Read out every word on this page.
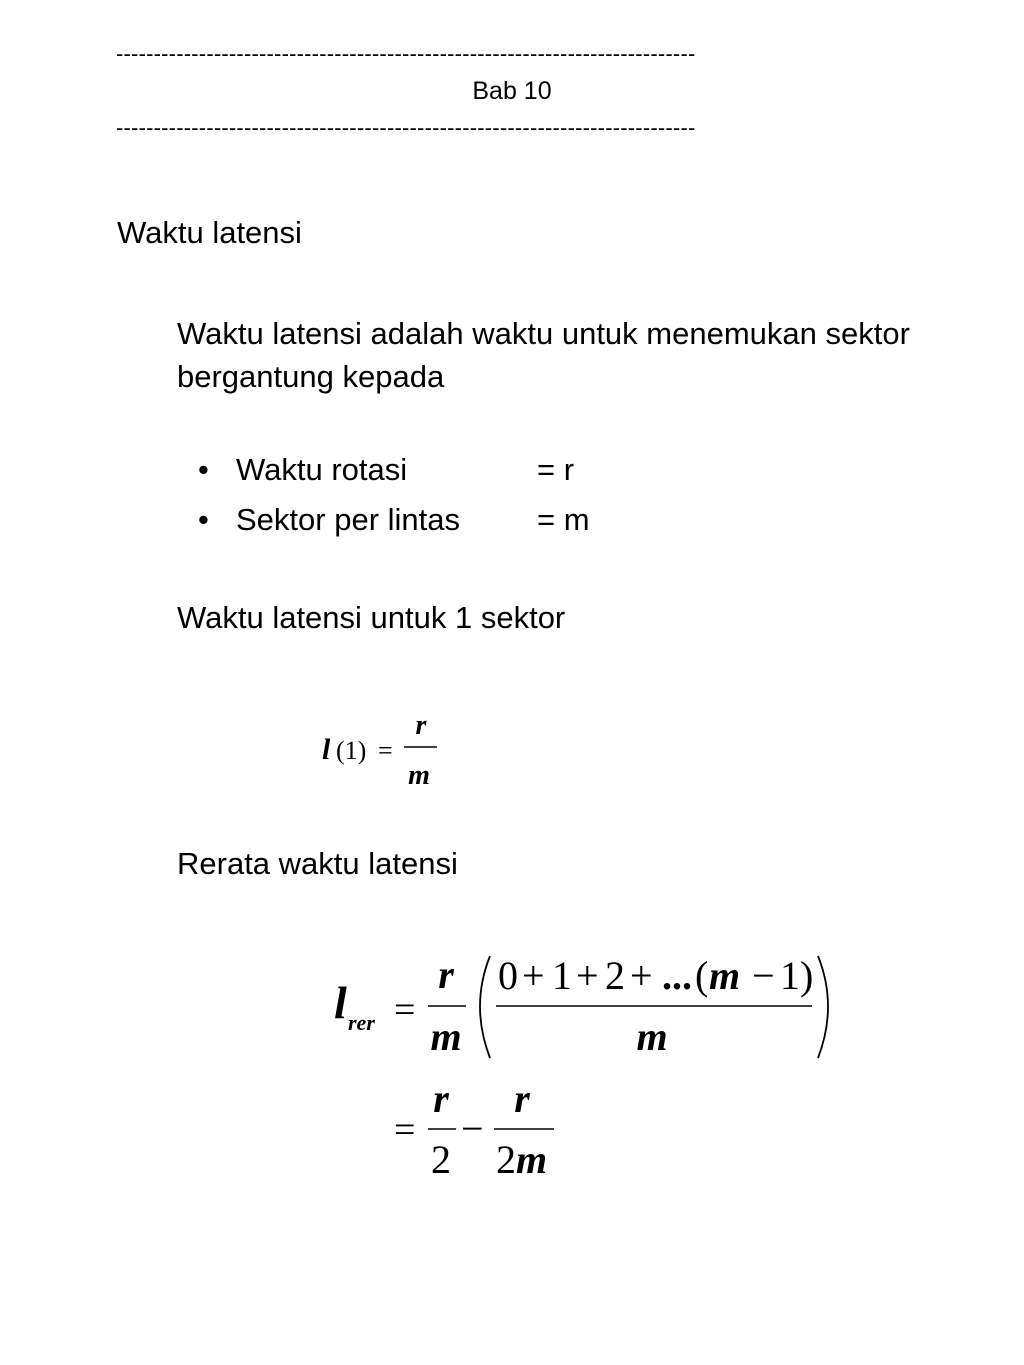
-----------------------------------------------------------------------------
Bab 10
-----------------------------------------------------------------------------
Waktu latensi
Waktu latensi adalah waktu untuk menemukan sektor bergantung kepada
• Waktu rotasi	= r
• Sektor per lintas = m
Waktu latensi untuk 1 sektor
l (1) =
r
m
Rerata waktu latensi
l rer =
r
m
0 + 1 + 2 + ... ( m − 1)
m
=
r
2
−
r
2 m
